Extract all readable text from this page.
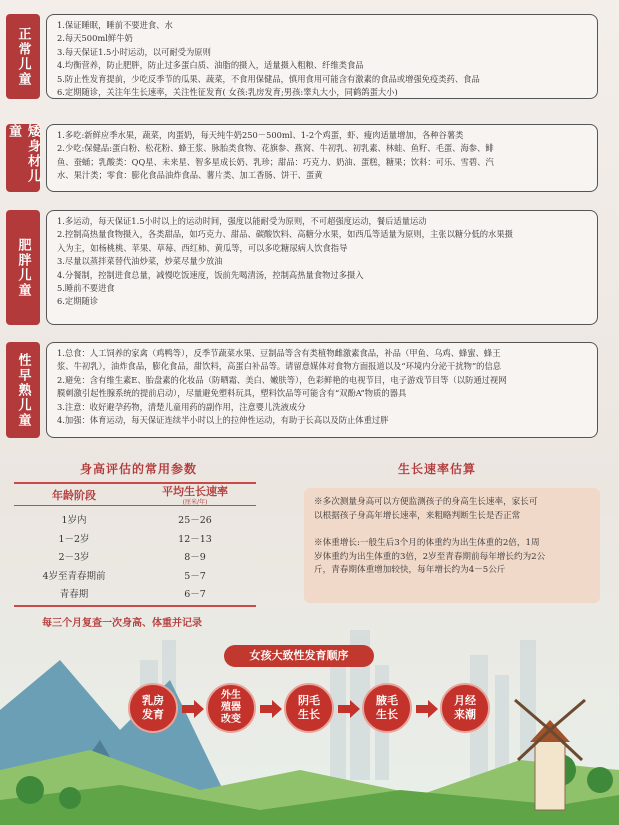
正常儿童
1.保证睡眠，睡前不要进食、水
2.每天500ml鲜牛奶
3.每天保证1.5小时运动，以可耐受为原则
4.均衡营养，防止肥胖，防止过多蛋白质、油脂的摄入，适量摄入粗粮、纤维类食品
5.防止性发育提前，少吃反季节的瓜果、蔬菜，不食用保健品，慎用食用可能含有激素的食品或增强免疫类药、食品
6.定期随诊，关注年生长速率，关注性征发育( 女孩:乳房发育;男孩:睾丸大小，同鹤鸽蛋大小)
矮身材儿童	1.多吃:新鲜应季水果，蔬菜，肉蛋奶，每天纯牛奶250－500ml、1-2个鸡蛋，虾、瘦肉适量增加，各种谷薯类
2.少吃:保健品:蛋白粉、松花粉、蜂王浆、脉胎类食物、花旗参、燕窝、牛初乳、初乳素、林蛙、鱼籽、毛蛋、海参、鲱
鱼、蚕蛹；乳酸类：QQ星、未来星、智多星成长奶、乳珍；甜品：巧克力、奶油、蛋糕，糖果；饮料：可乐、雪碧、汽
水、果汁类；零食：膨化食品油炸食品、薯片类、加工香肠、饼干、蛋黄
肥胖儿童
1.多运动，每天保证1.5小时以上的运动时间，强度以能耐受为原则，不可超强度运动，餐后适量运动
2.控制高热量食物摄入，各类甜品，如巧克力、甜品、碳酸饮料、高糖分水果，如西瓜等适量为原则，主张以糖分低的水果摄
入为主，如杨桃桃、苹果、草莓、西红柿、黄瓜等，可以多吃糖尿病人饮食指导
3.尽量以蒸拌菜替代油炒菜，炒菜尽量少放油
4.分餐制，控制进食总量，减慢吃饭速度，饭前先喝清汤，控制高热量食物过多摄入
5.睡前不要进食
6.定期随诊
性早熟儿童	1.总食：人工饲养的家禽（鸡鸭等），反季节蔬菜水果、豆制品等含有类植物雌激素食品，补品（甲鱼、乌鸡、蜂蜜、蜂王
浆、牛初乳），油炸食品，膨化食品，甜饮料，高蛋白补品等。请留意媒体对食物方面报道以及“环境内分泌干扰物”的信息
2.避免：含有维生素E、胎盘素的化妆品（防晒霜、美白、嫩肤等），色彩鲜艳的电视节目，电子游戏节目等（以防通过视网
膜刺激引起性腺系统的提前启动），尽量避免塑料玩具，塑料饮品等可能含有“双酚A”物质的器具
3.注意：收好避孕药物，清楚儿童用药的副作用，注意婴儿洗液成分
4.加强：体育运动，每天保证连续半小时以上的拉伸性运动，有助于长高以及防止体重过胖
身高评估的常用参数
年龄阶段	平均生长速率
(厘米/年)
1岁内	25－26
1－2岁	12－13
2－3岁	8－9
4岁至青春期前	5－7
青春期	6－7
每三个月复查一次身高、体重并记录
生长速率估算
※多次测量身高可以方便监测孩子的身高生长速率，家长可
以根据孩子身高年增长速率，来粗略判断生长是否正常
※体重增长:一般生后3个月的体重约为出生体重的2倍，1周
岁体重约为出生体重的3倍，2岁至青春期前每年增长约为2公
斤，青春期体重增加较快，每年增长约为4－5公斤
女孩大致性发育顺序
乳房
发育
外生
殖器
改变
阴毛
生长
腋毛
生长
月经
来潮
